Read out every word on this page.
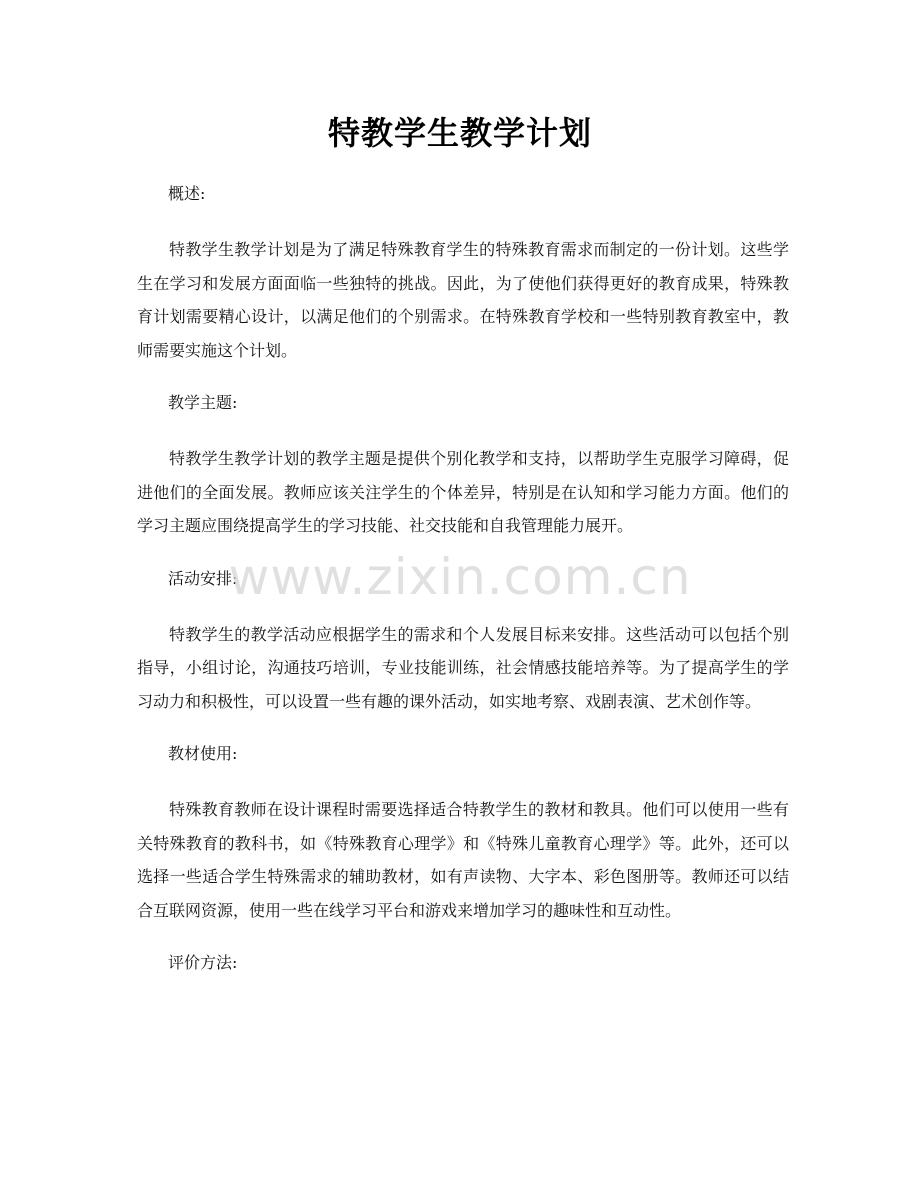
特教学生教学计划
概述:
特教学生教学计划是为了满足特殊教育学生的特殊教育需求而制定的一份计划。这些学生在学习和发展方面面临一些独特的挑战。因此，为了使他们获得更好的教育成果，特殊教育计划需要精心设计，以满足他们的个别需求。在特殊教育学校和一些特别教育教室中，教师需要实施这个计划。
教学主题:
特教学生教学计划的教学主题是提供个别化教学和支持，以帮助学生克服学习障碍，促进他们的全面发展。教师应该关注学生的个体差异，特别是在认知和学习能力方面。他们的学习主题应围绕提高学生的学习技能、社交技能和自我管理能力展开。
活动安排:
特教学生的教学活动应根据学生的需求和个人发展目标来安排。这些活动可以包括个别指导，小组讨论，沟通技巧培训，专业技能训练，社会情感技能培养等。为了提高学生的学习动力和积极性，可以设置一些有趣的课外活动，如实地考察、戏剧表演、艺术创作等。
教材使用:
特殊教育教师在设计课程时需要选择适合特教学生的教材和教具。他们可以使用一些有关特殊教育的教科书，如《特殊教育心理学》和《特殊儿童教育心理学》等。此外，还可以选择一些适合学生特殊需求的辅助教材，如有声读物、大字本、彩色图册等。教师还可以结合互联网资源，使用一些在线学习平台和游戏来增加学习的趣味性和互动性。
评价方法:
www.zixin.com.cn
